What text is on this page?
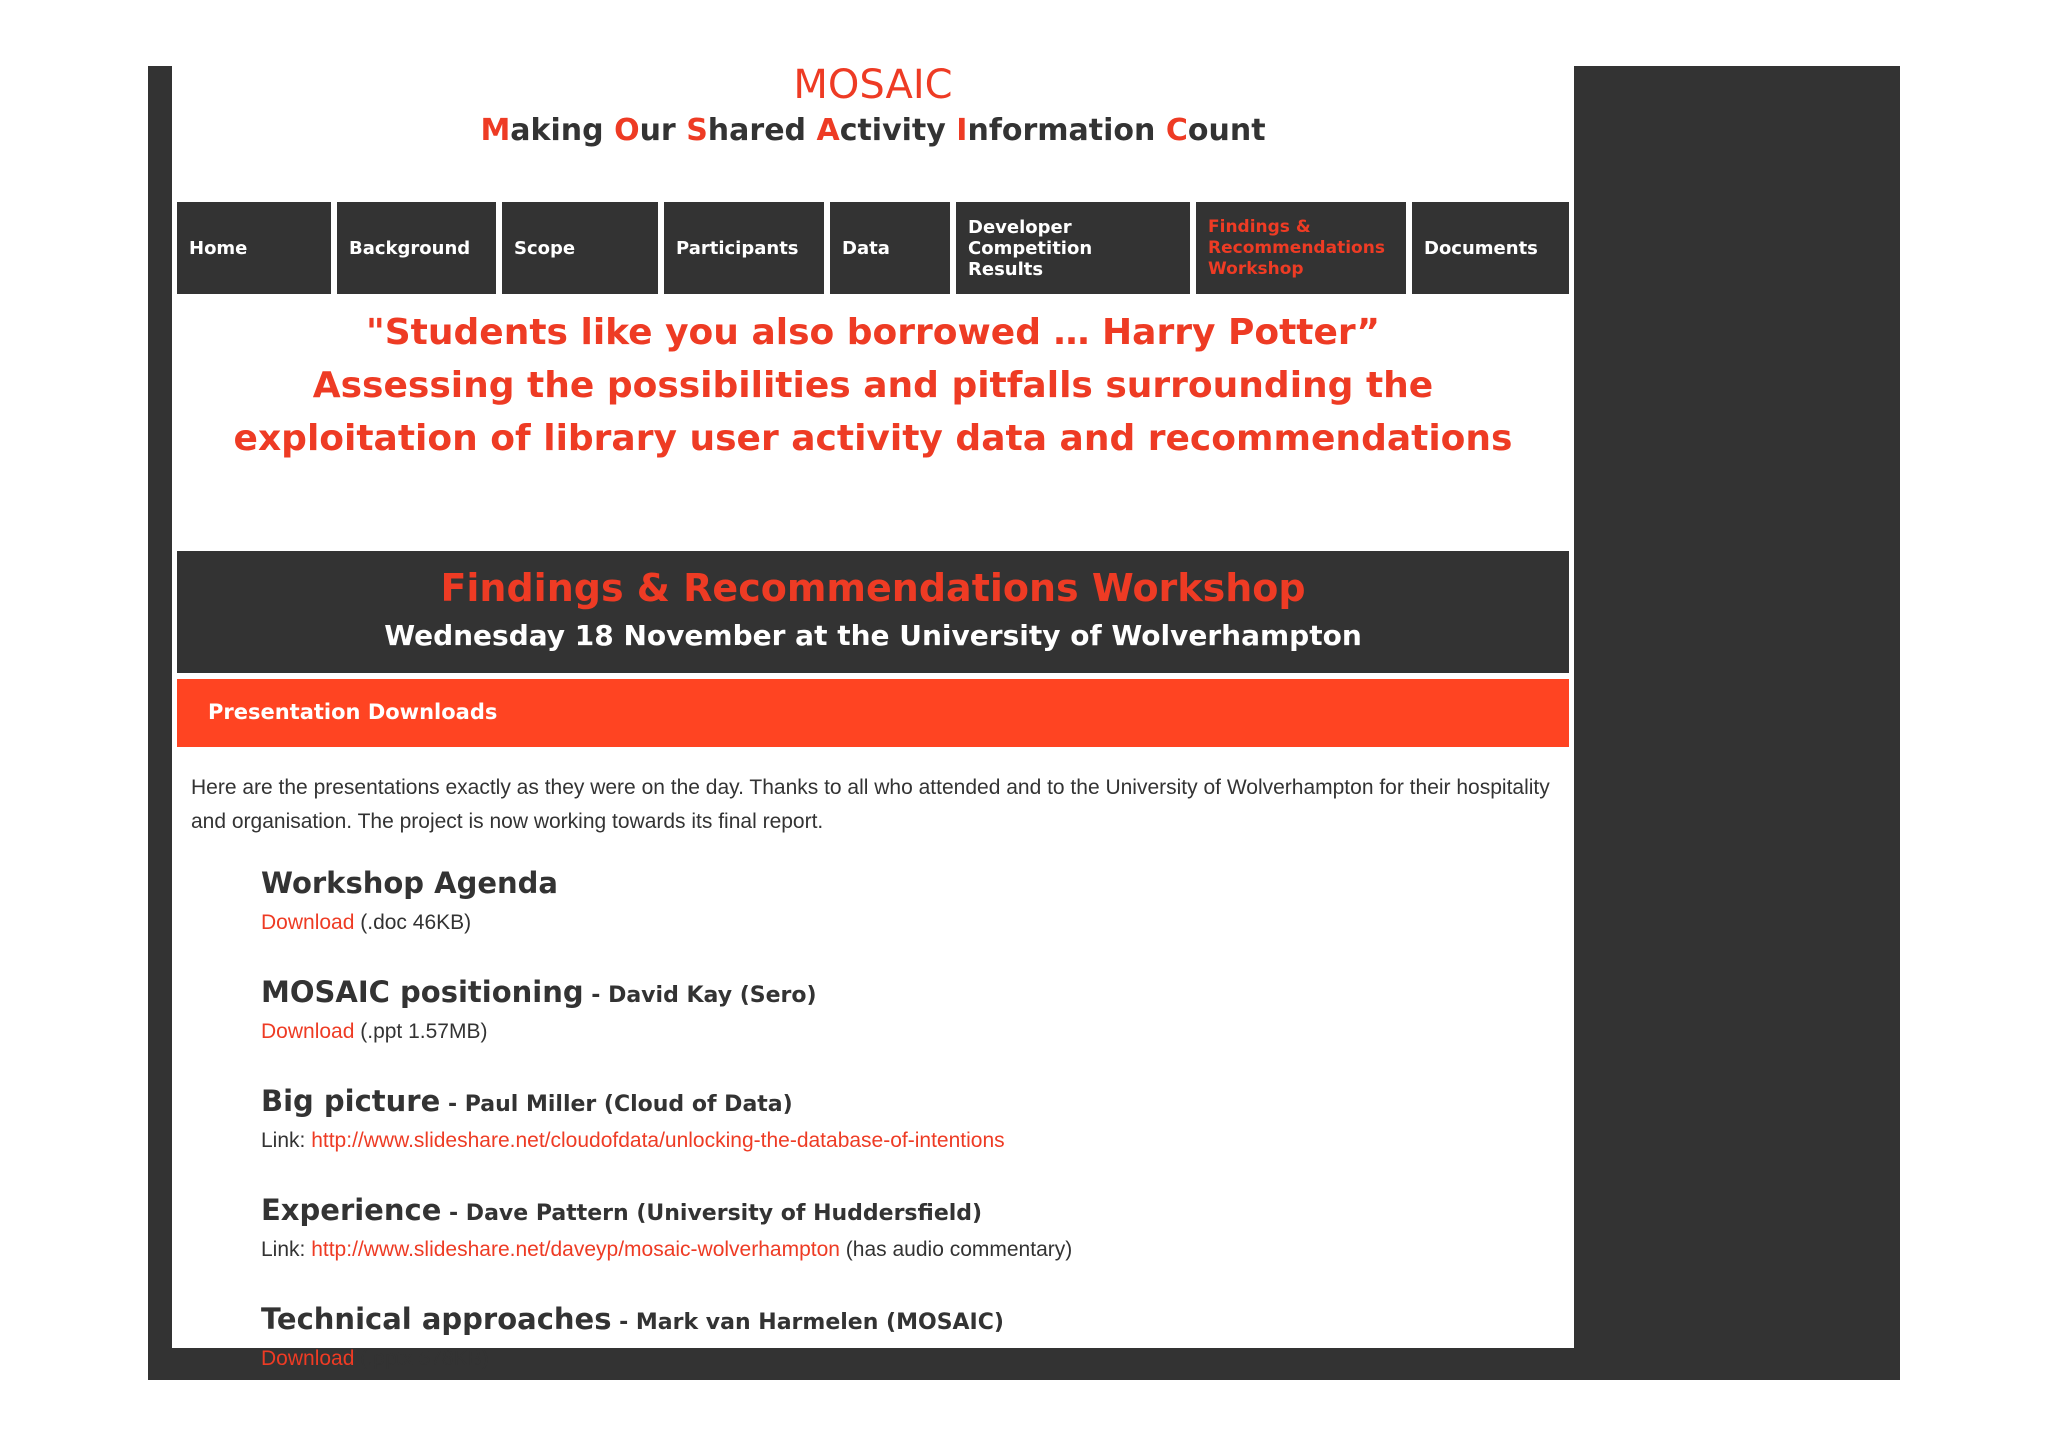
MOSAIC
Making Our Shared Activity Information Count
Home	Background	Scope	Participants	Data
Developer
Competition
Results
Findings &
Recommendations
Workshop
Documents
"Students like you also borrowed … Harry Potter”
Assessing the possibilities and pitfalls surrounding the
exploitation of library user activity data and recommendations
Findings & Recommendations Workshop
Wednesday 18 November at the University of Wolverhampton
Presentation Downloads

Here are the presentations exactly as they were on the day. Thanks to all who attended and to the University of Wolverhampton for their hospitality and organisation. The project is now working towards its final report.

Workshop Agenda
Download (.doc 46KB)
MOSAIC positioning - David Kay (Sero)
Download (.ppt 1.57MB)
Big picture - Paul Miller (Cloud of Data)
Link: http://www.slideshare.net/cloudofdata/unlocking-the-database-of-intentions
Experience - Dave Pattern (University of Huddersfield)
Link: http://www.slideshare.net/daveyp/mosaic-wolverhampton (has audio commentary)
Technical approaches - Mark van Harmelen (MOSAIC)
Download (.pptx 578KB)
